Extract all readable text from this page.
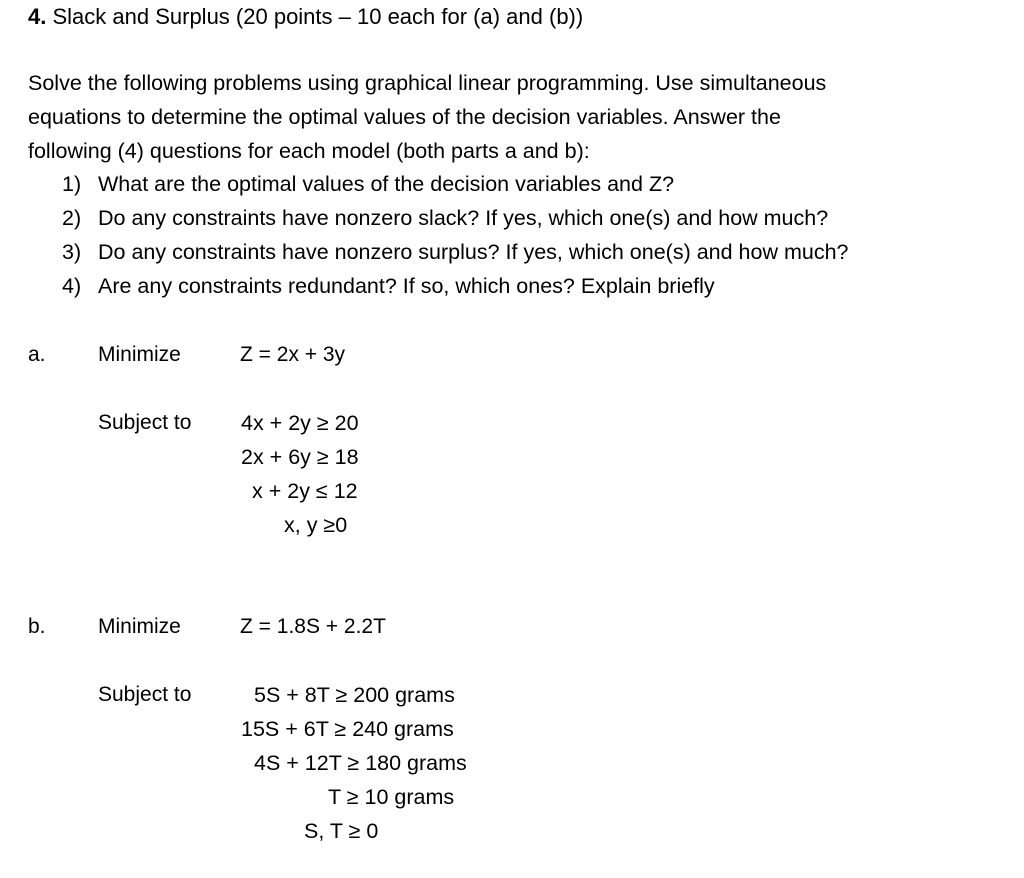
4. Slack and Surplus (20 points – 10 each for (a) and (b))
Solve the following problems using graphical linear programming. Use simultaneous
equations to determine the optimal values of the decision variables. Answer the
following (4) questions for each model (both parts a and b):
1) What are the optimal values of the decision variables and Z?
2) Do any constraints have nonzero slack? If yes, which one(s) and how much?
3) Do any constraints have nonzero surplus? If yes, which one(s) and how much?
4) Are any constraints redundant? If so, which ones? Explain briefly
a. Minimize	Z = 2x + 3y
Subject to 4x + 2y ≥ 20
2x + 6y ≥ 18
x + 2y ≤ 12
x, y ≥0
b. Minimize	Z = 1.8S + 2.2T
Subject to	5S + 8T ≥ 200 grams
15S + 6T ≥ 240 grams
4S + 12T ≥ 180 grams
T ≥ 10 grams
S, T ≥ 0
